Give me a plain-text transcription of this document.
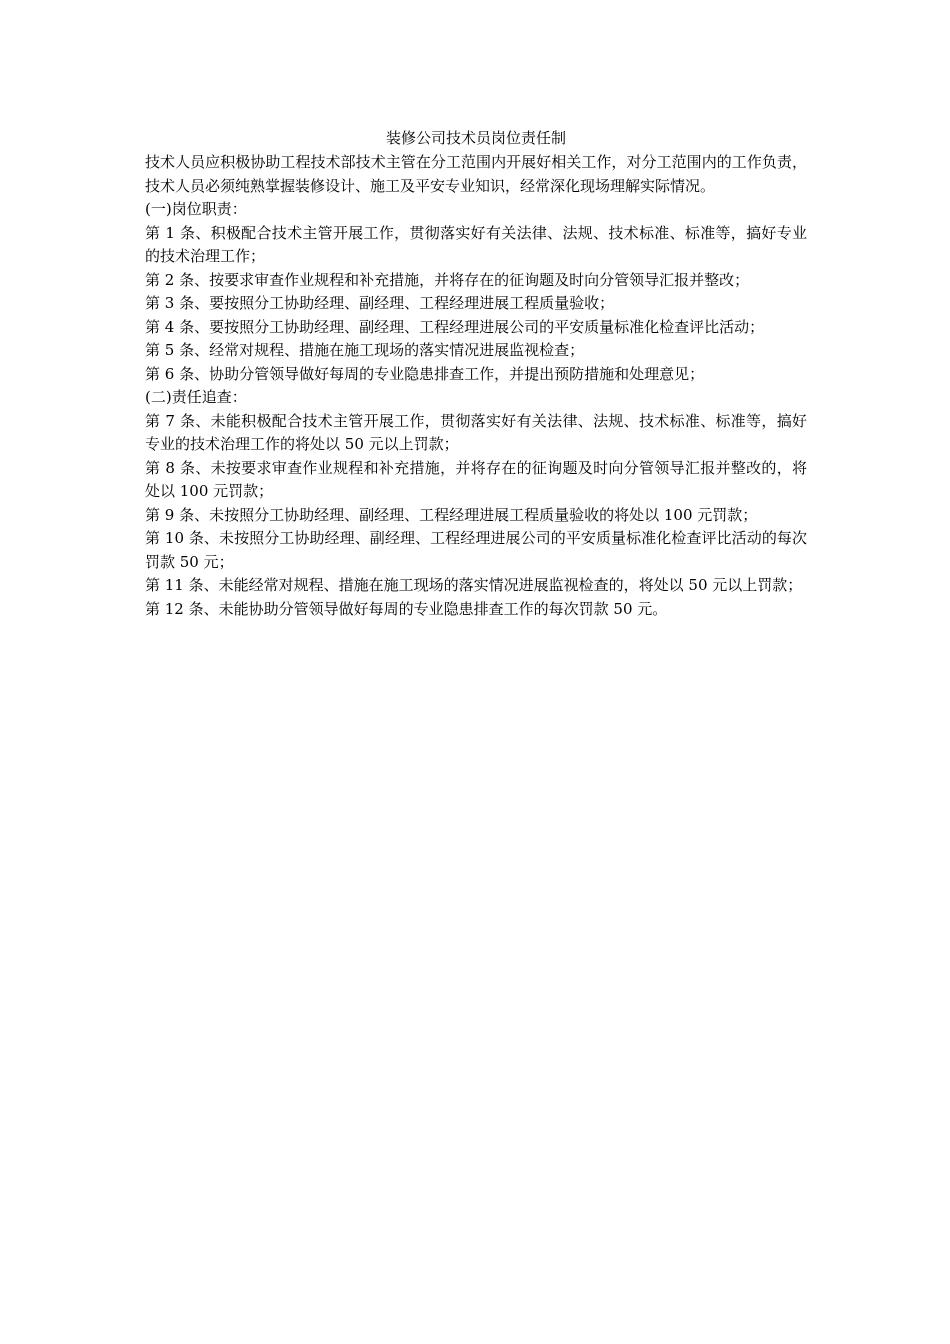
装修公司技术员岗位责任制

技术人员应积极协助工程技术部技术主管在分工范围内开展好相关工作，对分工范围内的工作负责，技术人员必须纯熟掌握装修设计、施工及平安专业知识，经常深化现场理解实际情况。

(一)岗位职责：

第 1 条、积极配合技术主管开展工作，贯彻落实好有关法律、法规、技术标准、标准等，搞好专业的技术治理工作；

第 2 条、按要求审查作业规程和补充措施，并将存在的征询题及时向分管领导汇报并整改；

第 3 条、要按照分工协助经理、副经理、工程经理进展工程质量验收；

第 4 条、要按照分工协助经理、副经理、工程经理进展公司的平安质量标准化检查评比活动；

第 5 条、经常对规程、措施在施工现场的落实情况进展监视检查；

第 6 条、协助分管领导做好每周的专业隐患排查工作，并提出预防措施和处理意见；

(二)责任追查：

第 7 条、未能积极配合技术主管开展工作，贯彻落实好有关法律、法规、技术标准、标准等，搞好专业的技术治理工作的将处以 50 元以上罚款；

第 8 条、未按要求审查作业规程和补充措施，并将存在的征询题及时向分管领导汇报并整改的，将处以 100 元罚款；

第 9 条、未按照分工协助经理、副经理、工程经理进展工程质量验收的将处以 100 元罚款；

第 10 条、未按照分工协助经理、副经理、工程经理进展公司的平安质量标准化检查评比活动的每次罚款 50 元；

第 11 条、未能经常对规程、措施在施工现场的落实情况进展监视检查的，将处以 50 元以上罚款；

第 12 条、未能协助分管领导做好每周的专业隐患排查工作的每次罚款 50 元。
